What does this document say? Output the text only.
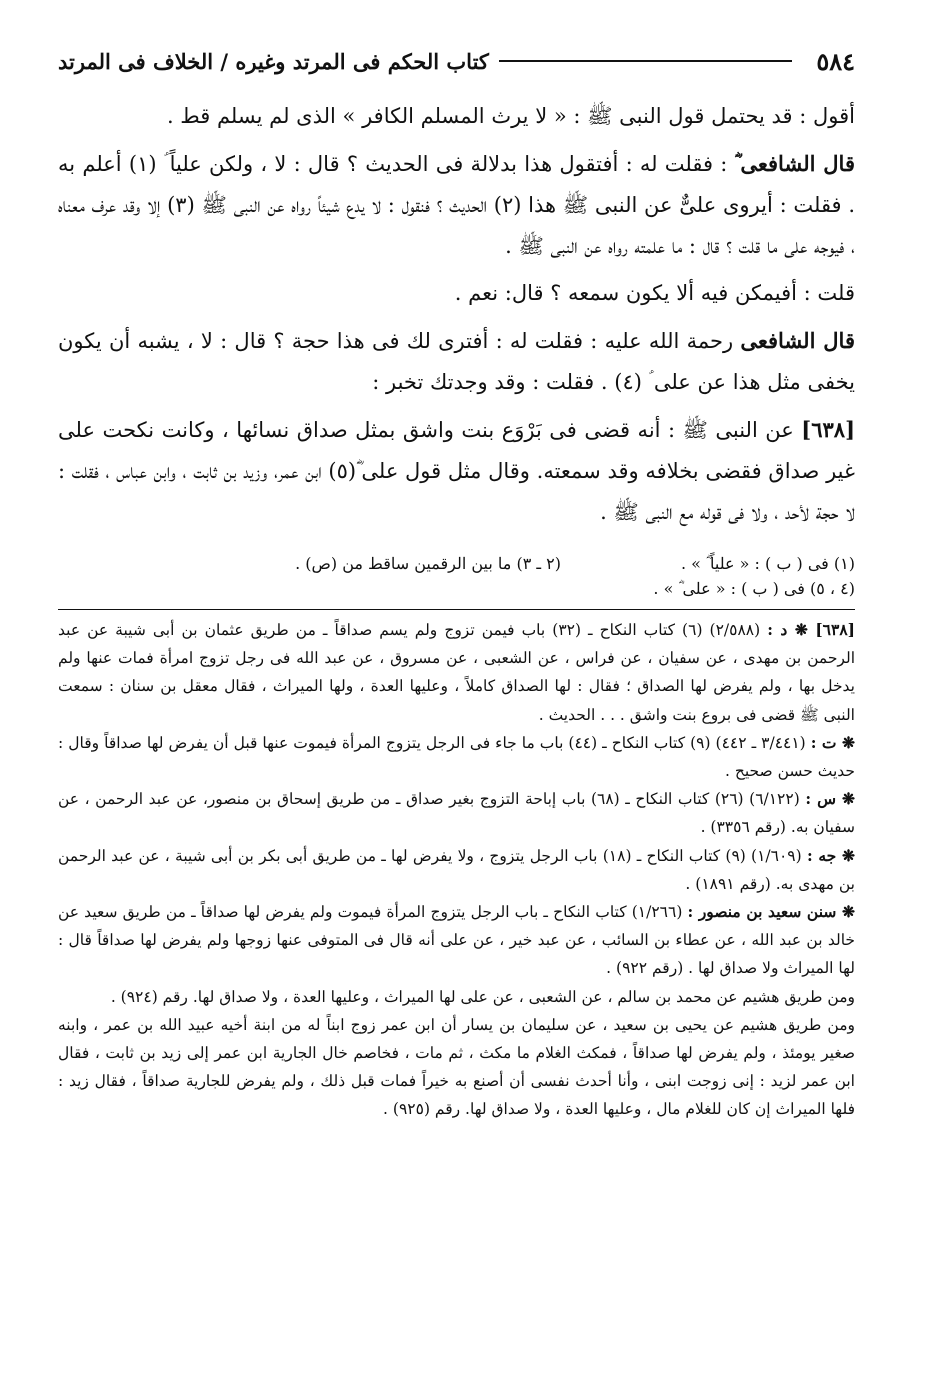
٥٨٤
كتاب الحكم فى المرتد وغيره / الخلاف فى المرتد

أقول : قد يحتمل قول النبى ﷺ : « لا يرث المسلم الكافر » الذى لم يسلم قط .

قال الشافعى ؓ : فقلت له : أفتقول هذا بدلالة فى الحديث ؟ قال : لا ، ولكن علياً ؑ (١) أعلم به . فقلت : أيروى علىٌّ عن النبى ﷺ هذا (٢) الحديث ؟ فنقول : لا يدع شيئاً رواه عن النبى ﷺ (٣) إلا وقد عرف معناه ، فيوجه على ما قلت ؟ قال : ما علمته رواه عن النبى ﷺ .

قلت : أفيمكن فيه ألا يكون سمعه ؟ قال: نعم .

قال الشافعى رحمة الله عليه : فقلت له : أفترى لك فى هذا حجة ؟ قال : لا ، يشبه أن يكون يخفى مثل هذا عن على ؑ (٤) . فقلت : وقد وجدتك تخبر :

[٦٣٨] عن النبى ﷺ : أنه قضى فى بَرْوَع بنت واشق بمثل صداق نسائها ، وكانت نكحت على غير صداق فقضى بخلافه وقد سمعته. وقال مثل قول على ؓ(٥) ابن عمر، وزيد بن ثابت ، وابن عباس ، فقلت : لا حجة لأحد ، ولا فى قوله مع النبى ﷺ .

(١) فى ( ب ) : « علياً ؓ » .
(٢ ـ ٣) ما بين الرقمين ساقط من (ص) .
(٤ ، ٥) فى ( ب ) : « على ؓ » .

[٦٣٨] ❋ د : (٢/٥٨٨) (٦) كتاب النكاح ـ (٣٢) باب فيمن تزوج ولم يسم صداقاً ـ من طريق عثمان بن أبى شيبة عن عبد الرحمن بن مهدى ، عن سفيان ، عن فراس ، عن الشعبى ، عن مسروق ، عن عبد الله فى رجل تزوج امرأة فمات عنها ولم يدخل بها ، ولم يفرض لها الصداق ؛ فقال : لها الصداق كاملاً ، وعليها العدة ، ولها الميراث ، فقال معقل بن سنان : سمعت النبى ﷺ قضى فى بروع بنت واشق . . . الحديث .

❋ ت : (٣/٤٤١ ـ ٤٤٢) (٩) كتاب النكاح ـ (٤٤) باب ما جاء فى الرجل يتزوج المرأة فيموت عنها قبل أن يفرض لها صداقاً وقال : حديث حسن صحيح .

❋ س : (٦/١٢٢) (٢٦) كتاب النكاح ـ (٦٨) باب إباحة التزوج بغير صداق ـ من طريق إسحاق بن منصور، عن عبد الرحمن ، عن سفيان به. (رقم ٣٣٥٦) .

❋ جه : (١/٦٠٩) (٩) كتاب النكاح ـ (١٨) باب الرجل يتزوج ، ولا يفرض لها ـ من طريق أبى بكر بن أبى شيبة ، عن عبد الرحمن بن مهدى به. (رقم ١٨٩١) .

❋ سنن سعيد بن منصور : (١/٢٦٦) كتاب النكاح ـ باب الرجل يتزوج المرأة فيموت ولم يفرض لها صداقاً ـ من طريق سعيد عن خالد بن عبد الله ، عن عطاء بن السائب ، عن عبد خير ، عن على أنه قال فى المتوفى عنها زوجها ولم يفرض لها صداقاً قال : لها الميراث ولا صداق لها . (رقم ٩٢٢) .

ومن طريق هشيم عن محمد بن سالم ، عن الشعبى ، عن على لها الميراث ، وعليها العدة ، ولا صداق لها. رقم (٩٢٤) .

ومن طريق هشيم عن يحيى بن سعيد ، عن سليمان بن يسار أن ابن عمر زوج ابناً له من ابنة أخيه عبيد الله بن عمر ، وابنه صغير يومئذ ، ولم يفرض لها صداقاً ، فمكث الغلام ما مكث ، ثم مات ، فخاصم خال الجارية ابن عمر إلى زيد بن ثابت ، فقال ابن عمر لزيد : إنى زوجت ابنى ، وأنا أحدث نفسى أن أصنع به خيراً فمات قبل ذلك ، ولم يفرض للجارية صداقاً ، فقال زيد : فلها الميراث إن كان للغلام مال ، وعليها العدة ، ولا صداق لها. رقم (٩٢٥) .
